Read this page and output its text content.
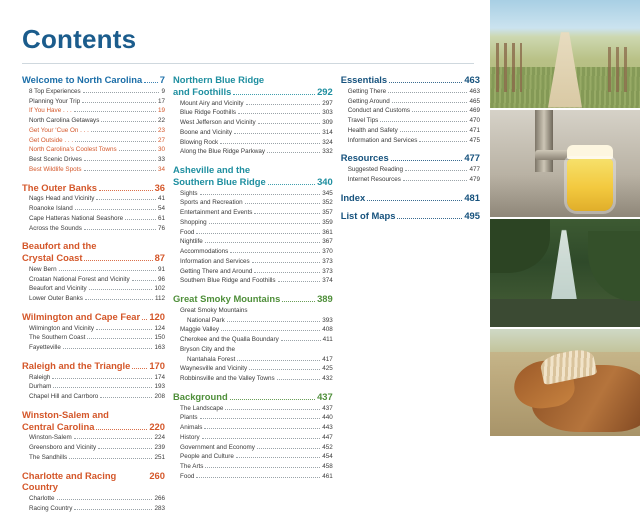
Contents
Welcome to North Carolina 7
8 Top Experiences	9
Planning Your Trip	17
If You Have . . .	19
North Carolina Getaways	22
Get Your ‘Cue On . . .	23
Get Outside . . .	27
North Carolina’s Coolest Towns	30
Best Scenic Drives	33
Best Wildlife Spots	34
The Outer Banks	36
Nags Head and Vicinity	41
Roanoke Island	54
Cape Hatteras National Seashore	61
Across the Sounds	76
Beaufort and the
Crystal Coast	87
New Bern	91
Croatan National Forest and Vicinity	96
Beaufort and Vicinity	102
Lower Outer Banks	112
Wilmington and Cape Fear 120
Wilmington and Vicinity	124
The Southern Coast	150
Fayetteville	163
Raleigh and the Triangle 170
Raleigh	174
Durham	193
Chapel Hill and Carrboro	208
Winston-Salem and
Central Carolina	220
Winston-Salem	224
Greensboro and Vicinity	239
The Sandhills	251
Charlotte and Racing Country
260
Charlotte	266
Racing Country	283
Northern Blue Ridge
and Foothills	292
Mount Airy and Vicinity	297
Blue Ridge Foothills	303
West Jefferson and Vicinity	309
Boone and Vicinity	314
Blowing Rock	324
Along the Blue Ridge Parkway	332
Asheville and the
Southern Blue Ridge	340
Sights	345
Sports and Recreation	352
Entertainment and Events	357
Shopping	359
Food	361
Nightlife	367
Accommodations	370
Information and Services	373
Getting There and Around	373
Southern Blue Ridge and Foothills	374
Great Smoky Mountains	389
Great Smoky Mountains
National Park	393
Maggie Valley	408
Cherokee and the Qualla Boundary	411
Bryson City and the
Nantahala Forest	417
Waynesville and Vicinity	425
Robbinsville and the Valley Towns	432
Background	437
The Landscape	437
Plants	440
Animals	443
History	447
Government and Economy	452
People and Culture	454
The Arts	458
Food	461
Essentials	463
Getting There	463
Getting Around	465
Conduct and Customs	469
Travel Tips	470
Health and Safety	471
Information and Services	475
Resources	477
Suggested Reading	477
Internet Resources	479
Index	481
List of Maps	495
